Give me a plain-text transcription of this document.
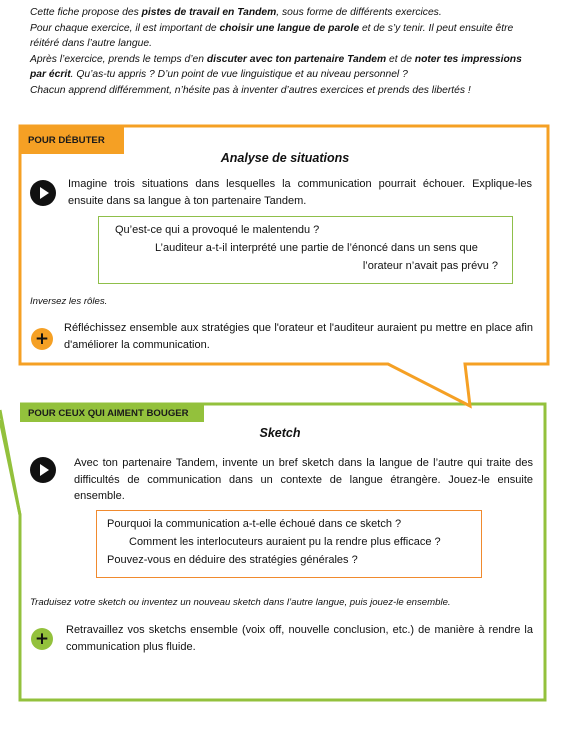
Cette fiche propose des pistes de travail en Tandem, sous forme de différents exercices.

Pour chaque exercice, il est important de choisir une langue de parole et de s’y tenir. Il peut ensuite être réitéré dans l’autre langue.

Après l’exercice, prends le temps d’en discuter avec ton partenaire Tandem et de noter tes impressions par écrit. Qu’as-tu appris ? D’un point de vue linguistique et au niveau personnel ?

Chacun apprend différemment, n’hésite pas à inventer d’autres exercices et prends des libertés !

POUR DÉBUTER
Analyse de situations
Imagine trois situations dans lesquelles la communication pourrait échouer. Explique-les ensuite dans sa langue à ton partenaire Tandem.
Qu’est-ce qui a provoqué le malentendu ?
L’auditeur a-t-il interprété une partie de l’énoncé dans un sens que
l’orateur n’avait pas prévu ?
Inversez les rôles.
+
Réfléchissez ensemble aux stratégies que l'orateur et l'auditeur auraient pu mettre en place afin d'améliorer la communication.
POUR CEUX QUI AIMENT BOUGER
Sketch
Avec ton partenaire Tandem, invente un bref sketch dans la langue de l’autre qui traite des difficultés de communication dans un contexte de langue étrangère. Jouez-le ensuite ensemble.
Pourquoi la communication a-t-elle échoué dans ce sketch ?
Comment les interlocuteurs auraient pu la rendre plus efficace ?
Pouvez-vous en déduire des stratégies générales ?
Traduisez votre sketch ou inventez un nouveau sketch dans l’autre langue, puis jouez-le ensemble.
+	Retravaillez vos sketchs ensemble (voix off, nouvelle conclusion, etc.) de manière à rendre la communication plus fluide.
